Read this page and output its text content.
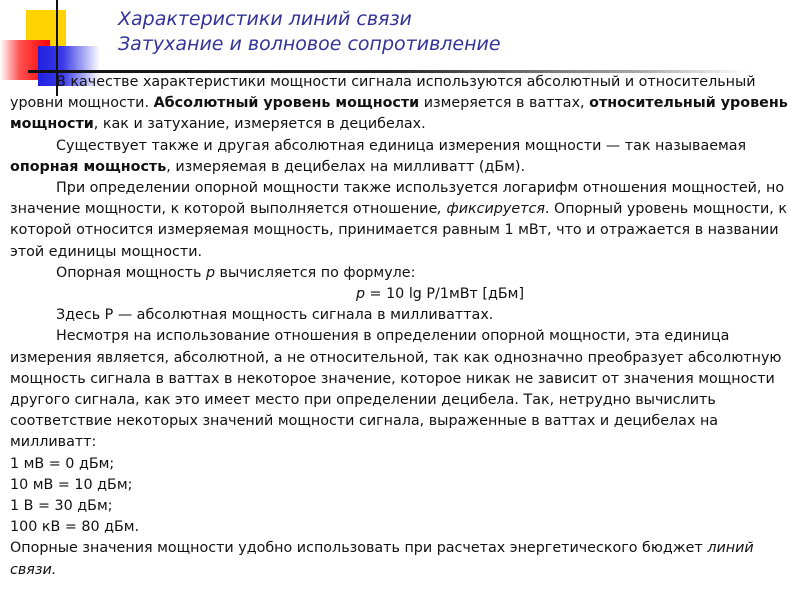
Характеристики линий связи
Затухание и волновое сопротивление

В качестве характеристики мощности сигнала используются абсолютный и относительный уровни мощности. Абсолютный уровень мощности измеряется в ваттах, относительный уровень мощности, как и затухание, измеряется в децибелах.

Существует также и другая абсолютная единица измерения мощности — так называемая опорная мощность, измеряемая в децибелах на милливатт (дБм).

При определении опорной мощности также используется логарифм отношения мощностей, но значение мощности, к которой выполняется отношение, фиксируется. Опорный уровень мощности, к которой относится измеряемая мощность, принимается равным 1 мВт, что и отражается в названии этой единицы мощности.

Опорная мощность p вычисляется по формуле:

p = 10 lg P/1мВт [дБм]

Здесь Р — абсолютная мощность сигнала в милливаттах.

Несмотря на использование отношения в определении опорной мощности, эта единица измерения является, абсолютной, а не относительной, так как однозначно преобразует абсолютную мощность сигнала в ваттах в некоторое значение, которое никак не зависит от значения мощности другого сигнала, как это имеет место при определении децибела. Так, нетрудно вычислить соответствие некоторых значений мощности сигнала, выраженные в ваттах и децибелах на милливатт:

1 мВ = 0 дБм;

10 мВ = 10 дБм;

1 В = 30 дБм;

100 кВ = 80 дБм.

Опорные значения мощности удобно использовать при расчетах энергетического бюджет линий связи.
